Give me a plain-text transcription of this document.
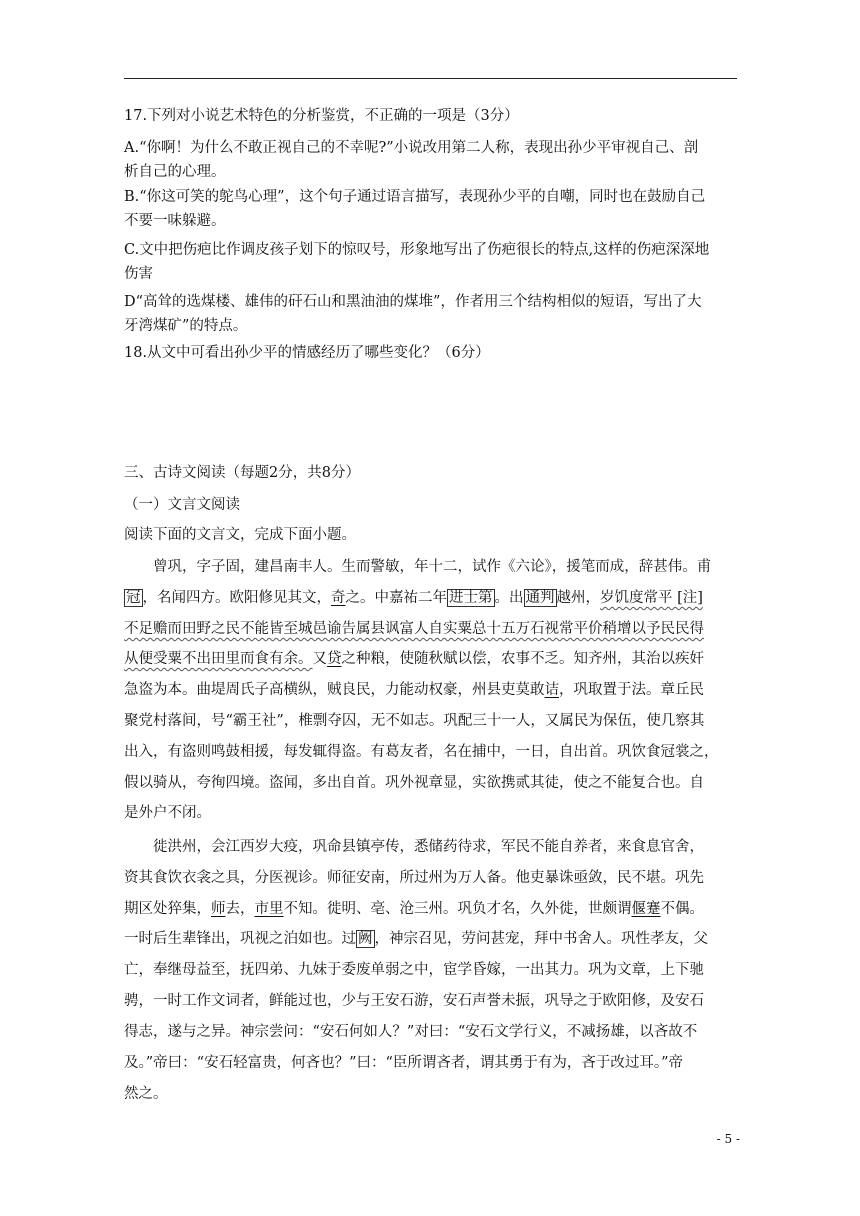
17.下列对小说艺术特色的分析鉴赏，不正确的一项是（3分）
A.“你啊！为什么不敢正视自己的不幸呢?”小说改用第二人称，表现出孙少平审视自己、剖
析自己的心理。
B.“你这可笑的鸵鸟心理”，这个句子通过语言描写，表现孙少平的自嘲，同时也在鼓励自己
不要一味躲避。
C.文中把伤疤比作调皮孩子划下的惊叹号，形象地写出了伤疤很长的特点,这样的伤疤深深地
伤害
D“高耸的选煤楼、雄伟的矸石山和黑油油的煤堆”，作者用三个结构相似的短语，写出了大
牙湾煤矿”的特点。
18.从文中可看出孙少平的情感经历了哪些变化？（6分）
三、古诗文阅读（每题2分，共8分）
（一）文言文阅读
阅读下面的文言文，完成下面小题。
曾巩，字子固，建昌南丰人。生而警敏，年十二，试作《六论》，援笔而成，辞甚伟。甫
冠 ，名闻四方。欧阳修见其文，奇之。中嘉祐二年 进士第 。出 通判 越州，岁饥度常平 [注]
不足赡而田野之民不能皆至城邑谕告属县讽富人自实粟总十五万石视常平价稍增以予民民得
从便受粟不出田里而食有余。又贷之种粮，使随秋赋以偿，农事不乏。知齐州，其治以疾奸
急盗为本。曲堤周氏子高横纵，贼良民，力能动权豪，州县吏莫敢诘，巩取置于法。章丘民
聚党村落间，号“霸王社”，椎剽夺囚，无不如志。巩配三十一人，又属民为保伍，使几察其
出入，有盗则鸣鼓相援，每发辄得盗。有葛友者，名在捕中，一日，自出首。巩饮食冠裳之，
假以骑从，夸徇四境。盗闻，多出自首。巩外视章显，实欲携贰其徒，使之不能复合也。自
是外户不闭。
徙洪州，会江西岁大疫，巩命县镇亭传，悉储药待求，军民不能自养者，来食息官舍，
资其食饮衣衾之具，分医视诊。师征安南，所过州为万人备。他吏暴诛亟敛，民不堪。巩先
期区处猝集，师去，市里不知。徙明、亳、沧三州。巩负才名，久外徙，世颇谓偃蹇不偶。
一时后生辈锋出，巩视之泊如也。过 阙 ，神宗召见，劳问甚宠，拜中书舍人。巩性孝友，父
亡，奉继母益至，抚四弟、九妹于委废单弱之中，宦学昏嫁，一出其力。巩为文章，上下驰
骋，一时工作文词者，鲜能过也，少与王安石游，安石声誉未振，巩导之于欧阳修，及安石
得志，遂与之异。神宗尝问：“安石何如人？”对曰：“安石文学行义，不减扬雄，以吝故不
及。”帝曰：“安石轻富贵，何吝也？”曰：“臣所谓吝者，谓其勇于有为，吝于改过耳。”帝
然之。
- 5 -
